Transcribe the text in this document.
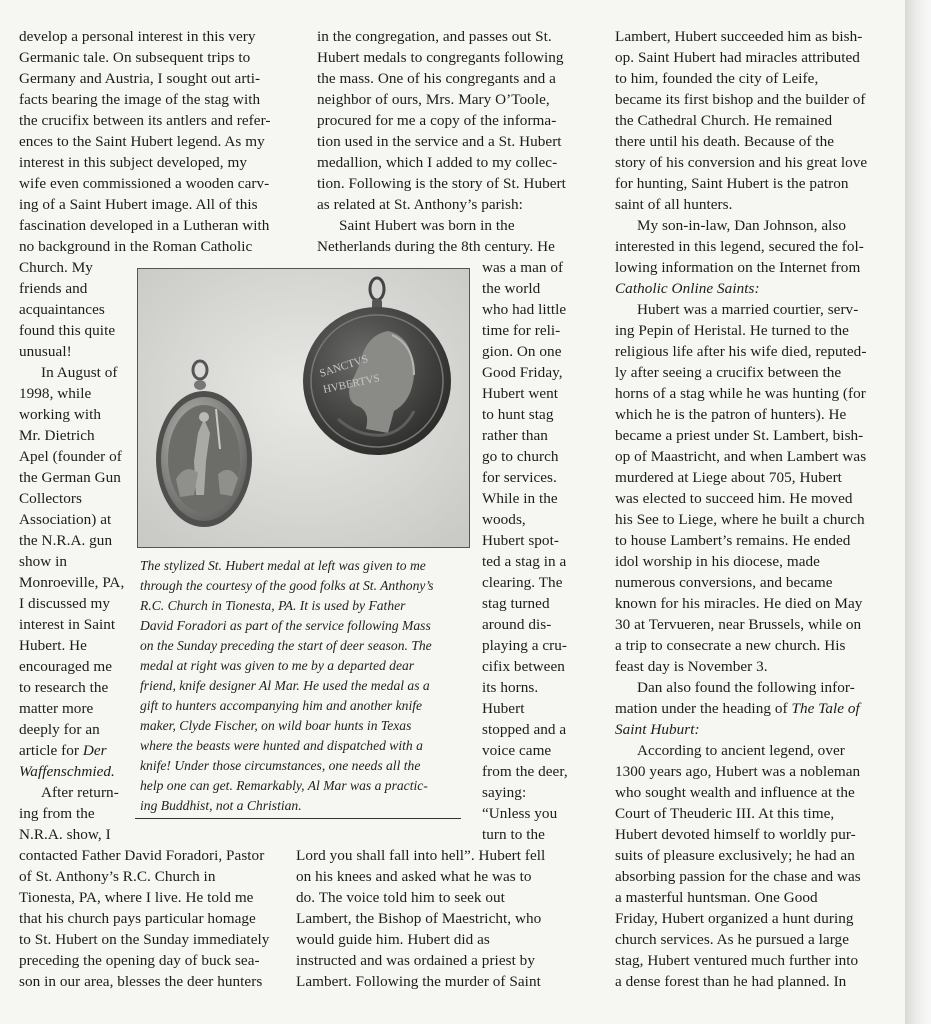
develop a personal interest in this very
Germanic tale. On subsequent trips to
Germany and Austria, I sought out arti-
facts bearing the image of the stag with
the crucifix between its antlers and refer-
ences to the Saint Hubert legend. As my
interest in this subject developed, my
wife even commissioned a wooden carv-
ing of a Saint Hubert image. All of this
fascination developed in a Lutheran with
no background in the Roman Catholic
Church. My
friends and
acquaintances
found this quite
unusual!
In August of
1998, while
working with
Mr. Dietrich
Apel (founder of
the German Gun
Collectors
Association) at
the N.R.A. gun
show in
Monroeville, PA,
I discussed my
interest in Saint
Hubert. He
encouraged me
to research the
matter more
deeply for an
article for Der
Waffenschmied.
After return-
ing from the
N.R.A. show, I
contacted Father David Foradori, Pastor
of St. Anthony’s R.C. Church in
Tionesta, PA, where I live. He told me
that his church pays particular homage
to St. Hubert on the Sunday immediately
preceding the opening day of buck sea-
son in our area, blesses the deer hunters
in the congregation, and passes out St.
Hubert medals to congregants following
the mass. One of his congregants and a
neighbor of ours, Mrs. Mary O’Toole,
procured for me a copy of the informa-
tion used in the service and a St. Hubert
medallion, which I added to my collec-
tion. Following is the story of St. Hubert
as related at St. Anthony’s parish:
Saint Hubert was born in the
Netherlands during the 8th century. He
was a man of
the world
who had little
time for reli-
gion. On one
Good Friday,
Hubert went
to hunt stag
rather than
go to church
for services.
While in the
woods,
Hubert spot-
ted a stag in a
clearing. The
stag turned
around dis-
playing a cru-
cifix between
its horns.
Hubert
stopped and a
voice came
from the deer,
saying:
“Unless you
turn to the
Lord you shall fall into hell”. Hubert fell
on his knees and asked what he was to
do. The voice told him to seek out
Lambert, the Bishop of Maestricht, who
would guide him. Hubert did as
instructed and was ordained a priest by
Lambert. Following the murder of Saint
SANCTVS
HVBERTVS
The stylized St. Hubert medal at left was given to me
through the courtesy of the good folks at St. Anthony’s
R.C. Church in Tionesta, PA. It is used by Father
David Foradori as part of the service following Mass
on the Sunday preceding the start of deer season. The
medal at right was given to me by a departed dear
friend, knife designer Al Mar. He used the medal as a
gift to hunters accompanying him and another knife
maker, Clyde Fischer, on wild boar hunts in Texas
where the beasts were hunted and dispatched with a
knife! Under those circumstances, one needs all the
help one can get. Remarkably, Al Mar was a practic-
ing Buddhist, not a Christian.
Lambert, Hubert succeeded him as bish-
op. Saint Hubert had miracles attributed
to him, founded the city of Leife,
became its first bishop and the builder of
the Cathedral Church. He remained
there until his death. Because of the
story of his conversion and his great love
for hunting, Saint Hubert is the patron
saint of all hunters.
My son-in-law, Dan Johnson, also
interested in this legend, secured the fol-
lowing information on the Internet from
Catholic Online Saints:
Hubert was a married courtier, serv-
ing Pepin of Heristal. He turned to the
religious life after his wife died, reputed-
ly after seeing a crucifix between the
horns of a stag while he was hunting (for
which he is the patron of hunters). He
became a priest under St. Lambert, bish-
op of Maastricht, and when Lambert was
murdered at Liege about 705, Hubert
was elected to succeed him. He moved
his See to Liege, where he built a church
to house Lambert’s remains. He ended
idol worship in his diocese, made
numerous conversions, and became
known for his miracles. He died on May
30 at Tervueren, near Brussels, while on
a trip to consecrate a new church. His
feast day is November 3.
Dan also found the following infor-
mation under the heading of The Tale of
Saint Huburt:
According to ancient legend, over
1300 years ago, Hubert was a nobleman
who sought wealth and influence at the
Court of Theuderic III. At this time,
Hubert devoted himself to worldly pur-
suits of pleasure exclusively; he had an
absorbing passion for the chase and was
a masterful huntsman. One Good
Friday, Hubert organized a hunt during
church services. As he pursued a large
stag, Hubert ventured much further into
a dense forest than he had planned. In
